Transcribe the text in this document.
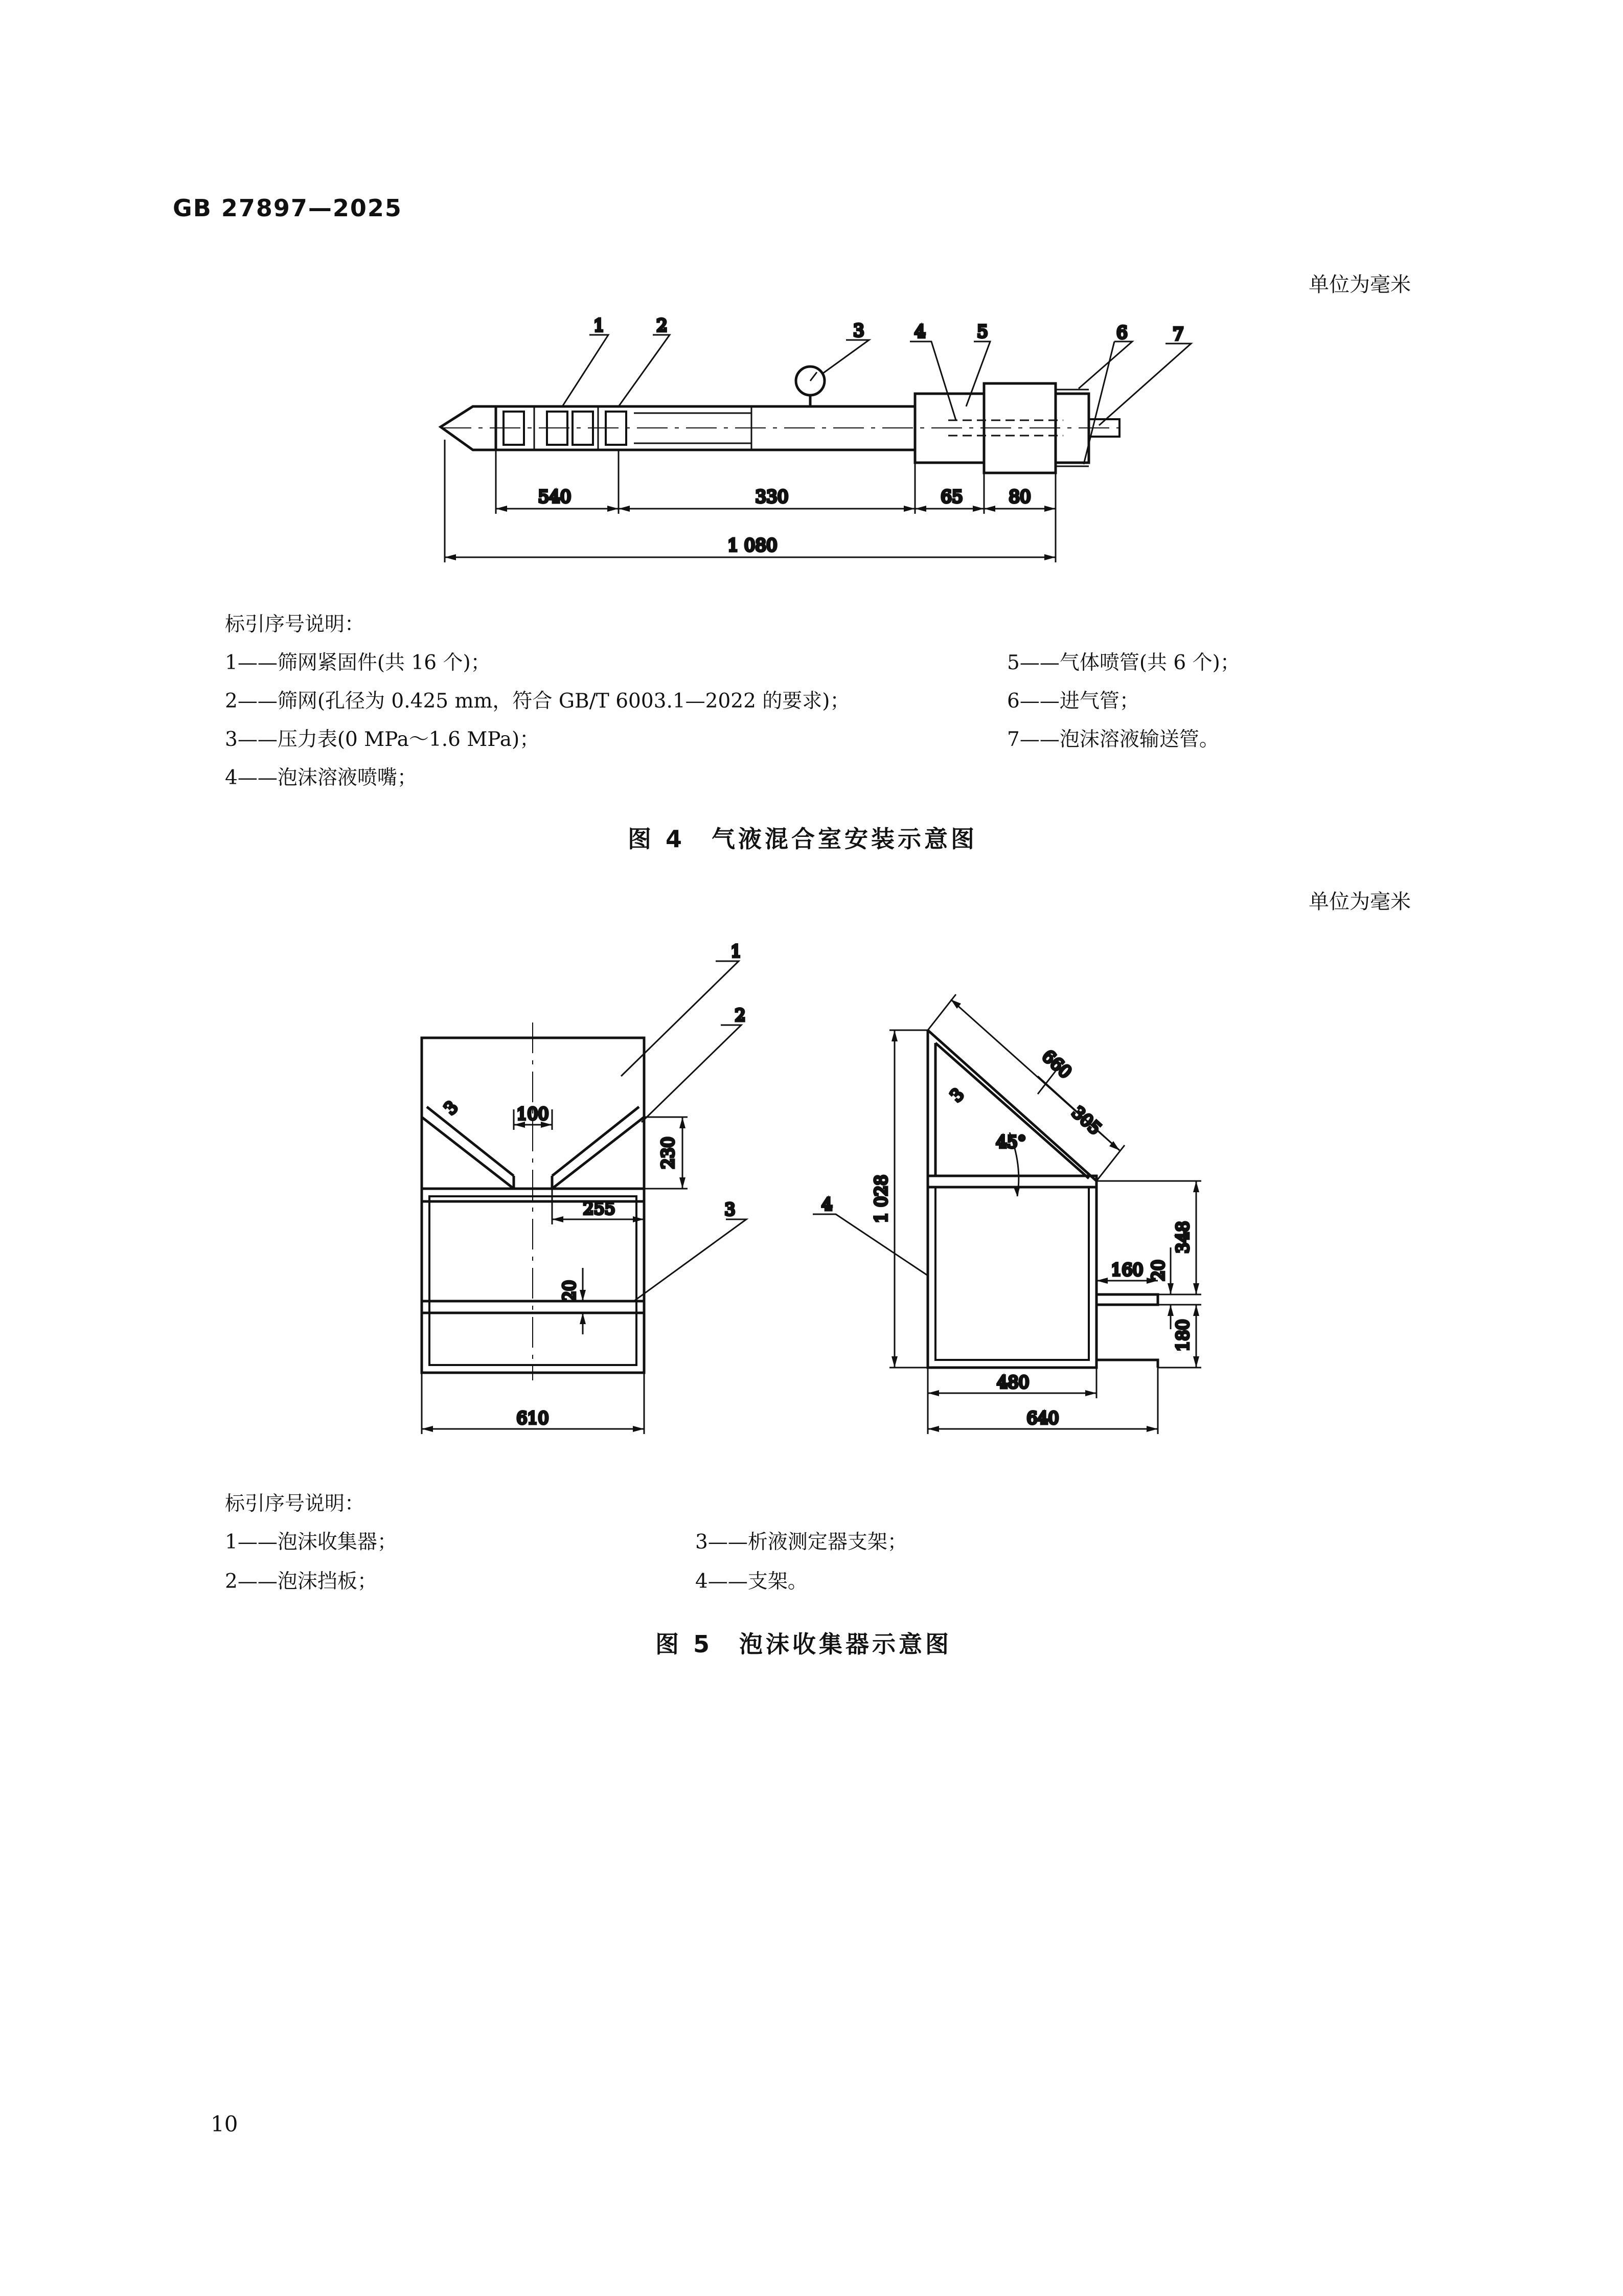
GB 27897—2025
单位为毫米
1	2	3	4	5	6	7
540	330	65	80
1 080
标引序号说明：
1——筛网紧固件(共 16 个)；
2——筛网(孔径为 0.425 mm，符合 GB/T 6003.1—2022 的要求)；
3——压力表(0 MPa～1.6 MPa)；
4——泡沫溶液喷嘴；
5——气体喷管(共 6 个)；
6——进气管；
7——泡沫溶液输送管。
图 4　气液混合室安装示意图
单位为毫米
1
2
3
3	100
230
255
20
610
4
660
3
305
45°
1 028
348
160 20
180
480
640
标引序号说明：
1——泡沫收集器；
2——泡沫挡板；
3——析液测定器支架；
4——支架。
图 5　泡沫收集器示意图
10
